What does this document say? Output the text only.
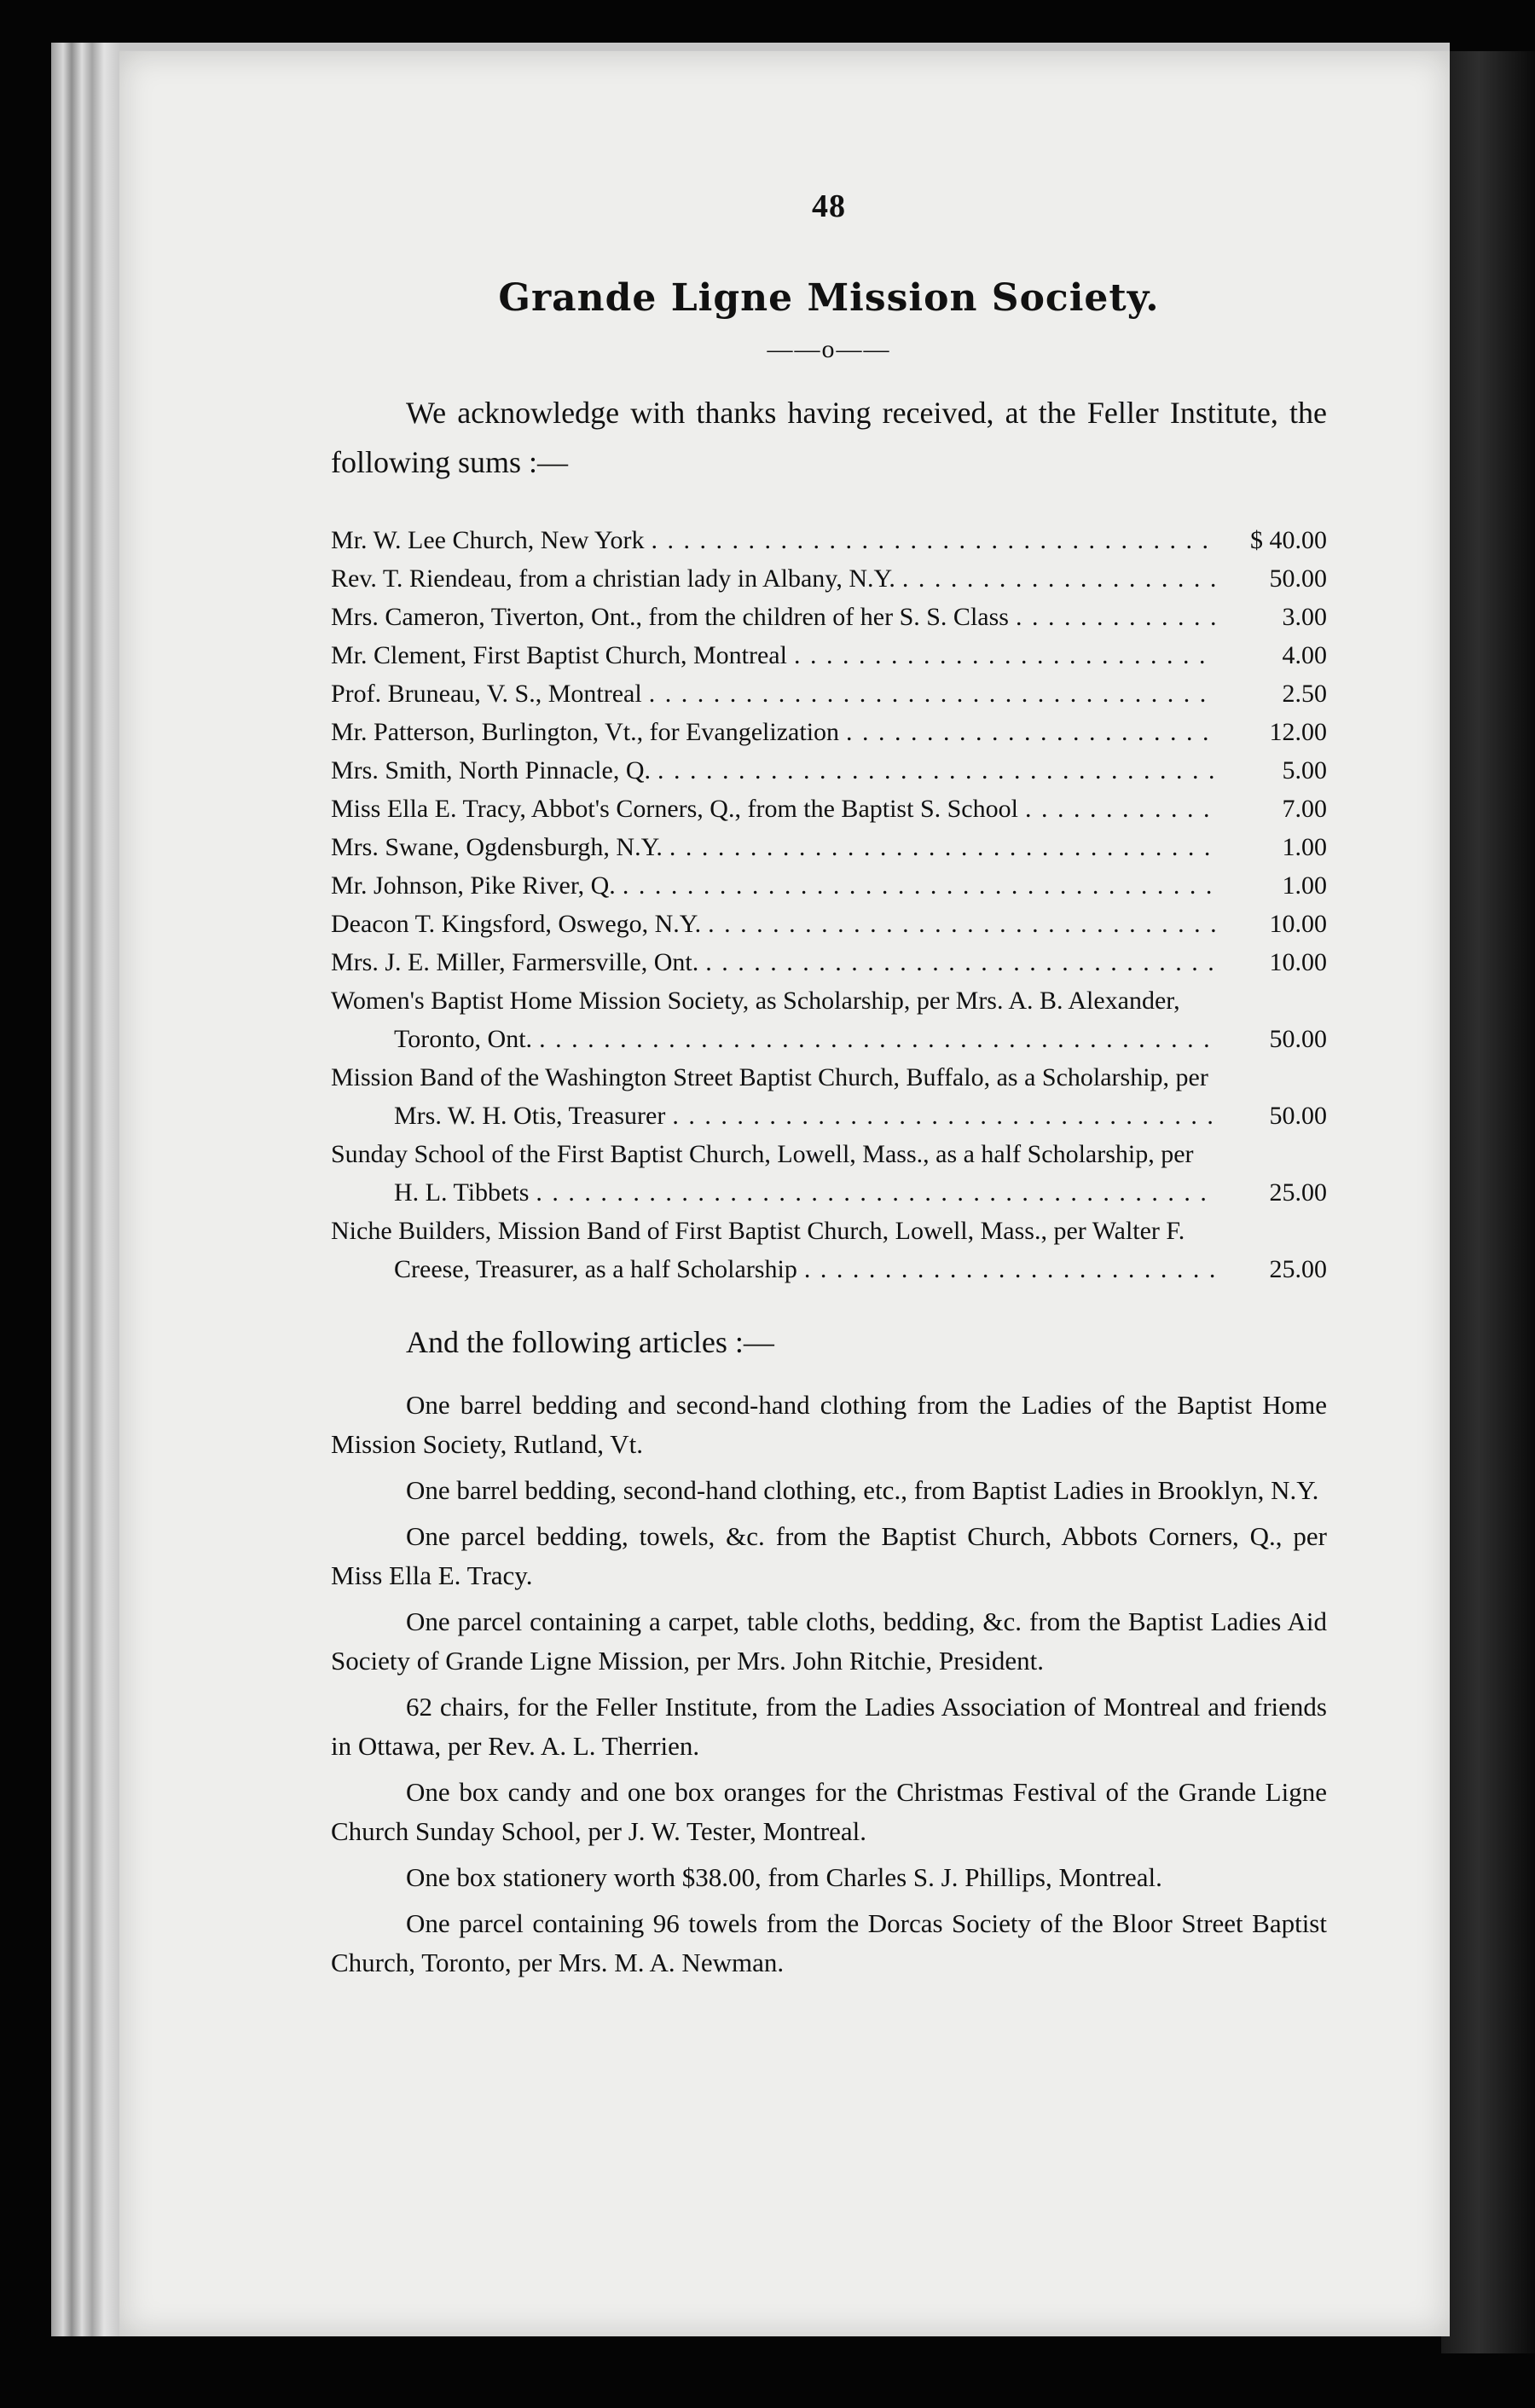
48

Grande Ligne Mission Society.
——o——

We acknowledge with thanks having received, at the Feller Institute, the following sums :—

Mr. W. Lee Church, New York . . .	$ 40.00
Rev. T. Riendeau, from a christian lady in Albany, N.Y. . . .	50.00
Mrs. Cameron, Tiverton, Ont., from the children of her S. S. Class . . .	3.00
Mr. Clement, First Baptist Church, Montreal . . .	4.00
Prof. Bruneau, V. S., Montreal . . .	2.50
Mr. Patterson, Burlington, Vt., for Evangelization . . .	12.00
Mrs. Smith, North Pinnacle, Q. . . .	5.00
Miss Ella E. Tracy, Abbot's Corners, Q., from the Baptist S. School . . .	7.00
Mrs. Swane, Ogdensburgh, N.Y. . . .	1.00
Mr. Johnson, Pike River, Q. . . .	1.00
Deacon T. Kingsford, Oswego, N.Y. . . .	10.00
Mrs. J. E. Miller, Farmersville, Ont. . . .	10.00
Women's Baptist Home Mission Society, as Scholarship, per Mrs. A. B. Alexander, Toronto, Ont. . . .	50.00
Mission Band of the Washington Street Baptist Church, Buffalo, as a Scholarship, per Mrs. W. H. Otis, Treasurer . . .	50.00
Sunday School of the First Baptist Church, Lowell, Mass., as a half Scholarship, per H. L. Tibbets . . .	25.00
Niche Builders, Mission Band of First Baptist Church, Lowell, Mass., per Walter F. Creese, Treasurer, as a half Scholarship . . .	25.00

And the following articles :—

One barrel bedding and second-hand clothing from the Ladies of the Baptist Home Mission Society, Rutland, Vt.

One barrel bedding, second-hand clothing, etc., from Baptist Ladies in Brooklyn, N.Y.

One parcel bedding, towels, &c. from the Baptist Church, Abbots Corners, Q., per Miss Ella E. Tracy.

One parcel containing a carpet, table cloths, bedding, &c. from the Baptist Ladies Aid Society of Grande Ligne Mission, per Mrs. John Ritchie, President.

62 chairs, for the Feller Institute, from the Ladies Association of Montreal and friends in Ottawa, per Rev. A. L. Therrien.

One box candy and one box oranges for the Christmas Festival of the Grande Ligne Church Sunday School, per J. W. Tester, Montreal.

One box stationery worth $38.00, from Charles S. J. Phillips, Montreal.

One parcel containing 96 towels from the Dorcas Society of the Bloor Street Baptist Church, Toronto, per Mrs. M. A. Newman.
